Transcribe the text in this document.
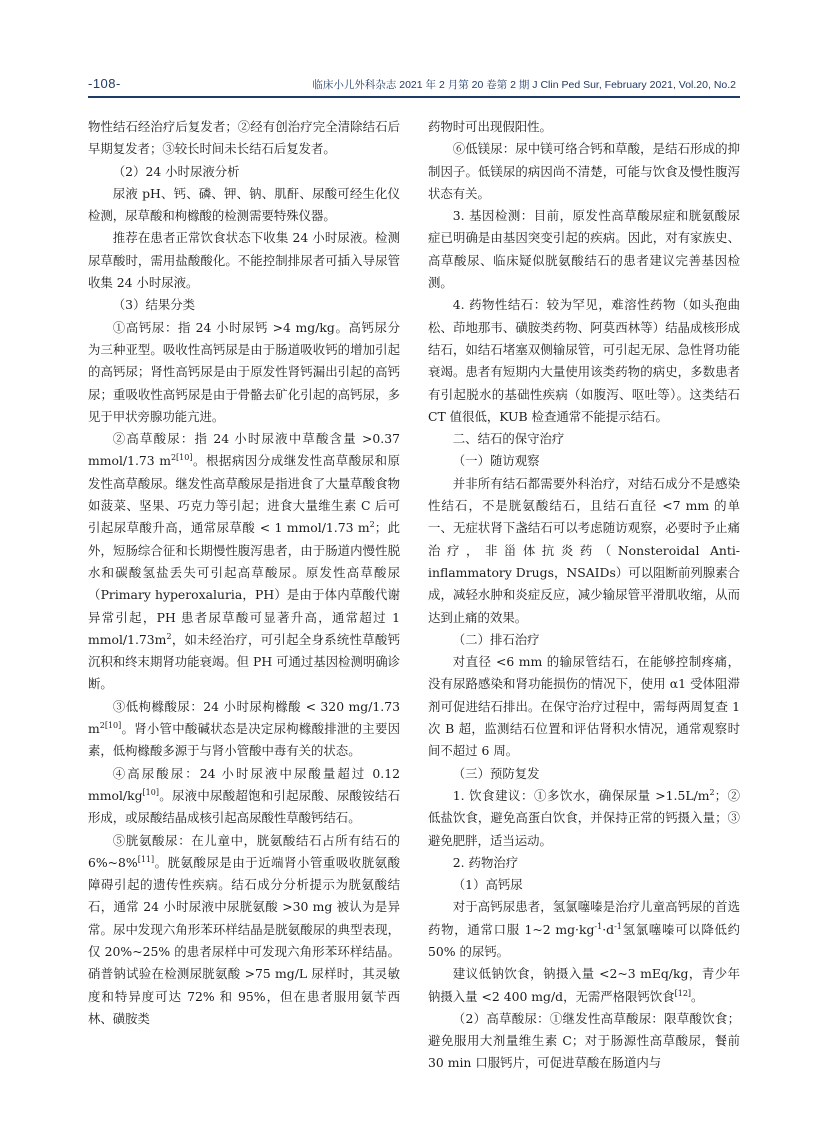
-108-	临床小儿外科杂志 2021 年 2 月第 20 卷第 2 期 J Clin Ped Sur, February 2021, Vol.20, No.2

物性结石经治疗后复发者；②经有创治疗完全清除结石后早期复发者；③较长时间未长结石后复发者。

（2）24 小时尿液分析

尿液 pH、钙、磷、钾、钠、肌酐、尿酸可经生化仪检测，尿草酸和枸橼酸的检测需要特殊仪器。

推荐在患者正常饮食状态下收集 24 小时尿液。检测尿草酸时，需用盐酸酸化。不能控制排尿者可插入导尿管收集 24 小时尿液。

（3）结果分类

①高钙尿：指 24 小时尿钙 >4 mg/kg。高钙尿分为三种亚型。吸收性高钙尿是由于肠道吸收钙的增加引起的高钙尿；肾性高钙尿是由于原发性肾钙漏出引起的高钙尿；重吸收性高钙尿是由于骨骼去矿化引起的高钙尿，多见于甲状旁腺功能亢进。

②高草酸尿：指 24 小时尿液中草酸含量 >0.37 mmol/1.73 $m^{2[10]}$。根据病因分成继发性高草酸尿和原发性高草酸尿。继发性高草酸尿是指进食了大量草酸食物如菠菜、坚果、巧克力等引起；进食大量维生素 C 后可引起尿草酸升高，通常尿草酸 < 1 mmol/1.73 $m^2$；此外，短肠综合征和长期慢性腹泻患者，由于肠道内慢性脱水和碳酸氢盐丢失可引起高草酸尿。原发性高草酸尿（Primary hyperoxaluria，PH）是由于体内草酸代谢异常引起，PH 患者尿草酸可显著升高，通常超过 1 mmol/$1.73m^2$，如未经治疗，可引起全身系统性草酸钙沉积和终末期肾功能衰竭。但 PH 可通过基因检测明确诊断。

③低枸橼酸尿：24 小时尿枸橼酸 < 320 mg/1.73 $m^{2[10]}$。肾小管中酸碱状态是决定尿枸橼酸排泄的主要因素，低枸橼酸多源于与肾小管酸中毒有关的状态。

④高尿酸尿：24 小时尿液中尿酸量超过 0.12 mmol/kg[10]。尿液中尿酸超饱和引起尿酸、尿酸铵结石形成，或尿酸结晶成核引起高尿酸性草酸钙结石。

⑤胱氨酸尿：在儿童中，胱氨酸结石占所有结石的 6%~8%[11]。胱氨酸尿是由于近端肾小管重吸收胱氨酸障碍引起的遗传性疾病。结石成分分析提示为胱氨酸结石，通常 24 小时尿液中尿胱氨酸 >30 mg 被认为是异常。尿中发现六角形苯环样结晶是胱氨酸尿的典型表现，仅 20%~25% 的患者尿样中可发现六角形苯环样结晶。硝普钠试验在检测尿胱氨酸 >75 mg/L 尿样时，其灵敏度和特异度可达 72% 和 95%，但在患者服用氨苄西林、磺胺类

药物时可出现假阳性。

⑥低镁尿：尿中镁可络合钙和草酸，是结石形成的抑制因子。低镁尿的病因尚不清楚，可能与饮食及慢性腹泻状态有关。

3. 基因检测：目前，原发性高草酸尿症和胱氨酸尿症已明确是由基因突变引起的疾病。因此，对有家族史、高草酸尿、临床疑似胱氨酸结石的患者建议完善基因检测。

4. 药物性结石：较为罕见，难溶性药物（如头孢曲松、茚地那韦、磺胺类药物、阿莫西林等）结晶成核形成结石，如结石堵塞双侧输尿管，可引起无尿、急性肾功能衰竭。患者有短期内大量使用该类药物的病史，多数患者有引起脱水的基础性疾病（如腹泻、呕吐等）。这类结石 CT 值很低，KUB 检查通常不能提示结石。

二、结石的保守治疗

（一）随访观察

并非所有结石都需要外科治疗，对结石成分不是感染性结石，不是胱氨酸结石，且结石直径 <7 mm 的单一、无症状肾下盏结石可以考虑随访观察，必要时予止痛治疗，非甾体抗炎药（Nonsteroidal Anti-inflammatory Drugs，NSAIDs）可以阻断前列腺素合成，减轻水肿和炎症反应，减少输尿管平滑肌收缩，从而达到止痛的效果。

（二）排石治疗

对直径 <6 mm 的输尿管结石，在能够控制疼痛，没有尿路感染和肾功能损伤的情况下，使用 α1 受体阻滞剂可促进结石排出。在保守治疗过程中，需每两周复查 1 次 B 超，监测结石位置和评估肾积水情况，通常观察时间不超过 6 周。

（三）预防复发

1. 饮食建议：①多饮水，确保尿量 $>1.5L/m^2$；②低盐饮食，避免高蛋白饮食，并保持正常的钙摄入量；③避免肥胖，适当运动。

2. 药物治疗

（1）高钙尿

对于高钙尿患者，氢氯噻嗪是治疗儿童高钙尿的首选药物，通常口服 1~2 $mg\cdot kg^{-1}\cdot d^{-1}$氢氯噻嗪可以降低约 50% 的尿钙。

建议低钠饮食，钠摄入量 <2~3 mEq/kg，青少年钠摄入量 <2 400 mg/d，无需严格限钙饮食[12]。

（2）高草酸尿：①继发性高草酸尿：限草酸饮食；避免服用大剂量维生素 C；对于肠源性高草酸尿，餐前 30 min 口服钙片，可促进草酸在肠道内与
